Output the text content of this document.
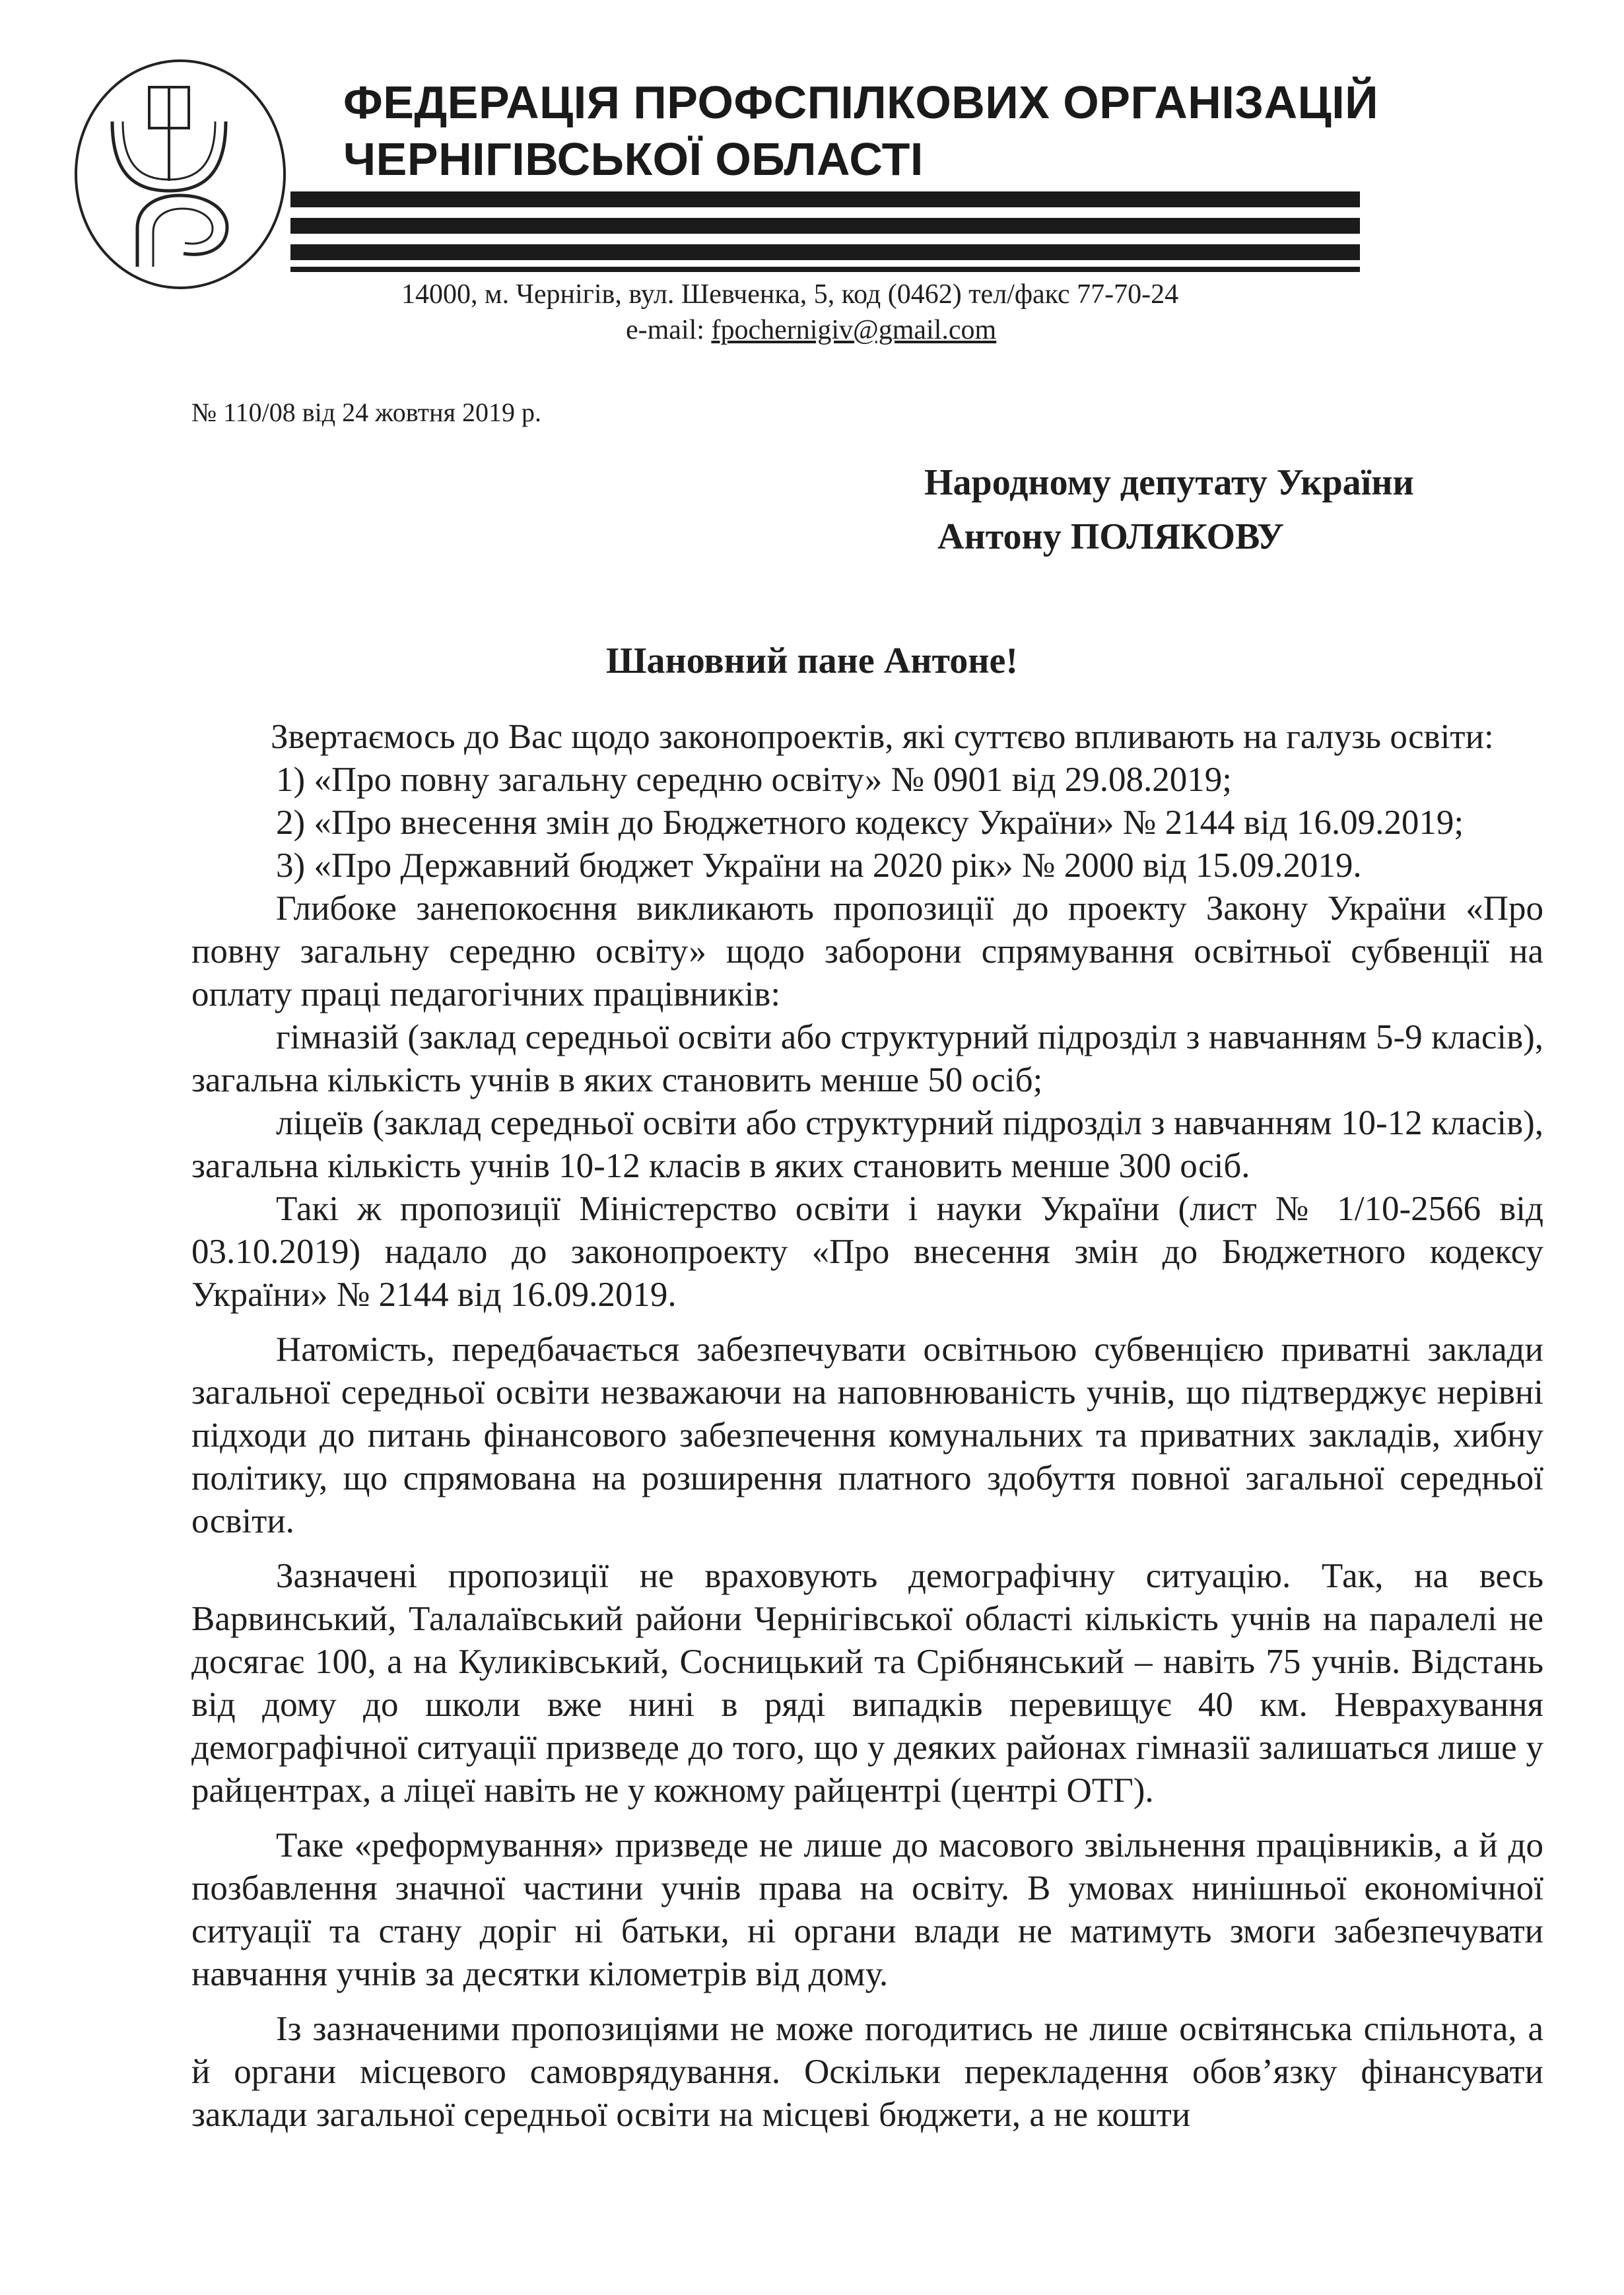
ФЕДЕРАЦІЯ ПРОФСПІЛКОВИХ ОРГАНІЗАЦІЙ
ЧЕРНІГІВСЬКОЇ ОБЛАСТІ
14000, м. Чернігів, вул. Шевченка, 5, код (0462) тел/факс 77-70-24
e-mail: fpochernigiv@gmail.com
№ 110/08 від 24 жовтня 2019 р.
Народному депутату України
Антону ПОЛЯКОВУ
Шановний пане Антоне!

Звертаємось до Вас щодо законопроектів, які суттєво впливають на галузь освіти:

1) «Про повну загальну середню освіту» № 0901 від 29.08.2019;

2) «Про внесення змін до Бюджетного кодексу України» № 2144 від 16.09.2019;

3) «Про Державний бюджет України на 2020 рік» № 2000 від 15.09.2019.

Глибоке занепокоєння викликають пропозиції до проекту Закону України «Про повну загальну середню освіту» щодо заборони спрямування освітньої субвенції на оплату праці педагогічних працівників:

гімназій (заклад середньої освіти або структурний підрозділ з навчанням 5-9 класів), загальна кількість учнів в яких становить менше 50 осіб;

ліцеїв (заклад середньої освіти або структурний підрозділ з навчанням 10-12 класів), загальна кількість учнів 10-12 класів в яких становить менше 300 осіб.

Такі ж пропозиції Міністерство освіти і науки України (лист № 1/10-2566 від 03.10.2019) надало до законопроекту «Про внесення змін до Бюджетного кодексу України» № 2144 від 16.09.2019.

Натомість, передбачається забезпечувати освітньою субвенцією приватні заклади загальної середньої освіти незважаючи на наповнюваність учнів, що підтверджує нерівні підходи до питань фінансового забезпечення комунальних та приватних закладів, хибну політику, що спрямована на розширення платного здобуття повної загальної середньої освіти.

Зазначені пропозиції не враховують демографічну ситуацію. Так, на весь Варвинський, Талалаївський райони Чернігівської області кількість учнів на паралелі не досягає 100, а на Куликівський, Сосницький та Срібнянський – навіть 75 учнів. Відстань від дому до школи вже нині в ряді випадків перевищує 40 км. Неврахування демографічної ситуації призведе до того, що у деяких районах гімназії залишаться лише у райцентрах, а ліцеї навіть не у кожному райцентрі (центрі ОТГ).

Таке «реформування» призведе не лише до масового звільнення працівників, а й до позбавлення значної частини учнів права на освіту. В умовах нинішньої економічної ситуації та стану доріг ні батьки, ні органи влади не матимуть змоги забезпечувати навчання учнів за десятки кілометрів від дому.

Із зазначеними пропозиціями не може погодитись не лише освітянська спільнота, а й органи місцевого самоврядування. Оскільки перекладення обов’язку фінансувати заклади загальної середньої освіти на місцеві бюджети, а не кошти
